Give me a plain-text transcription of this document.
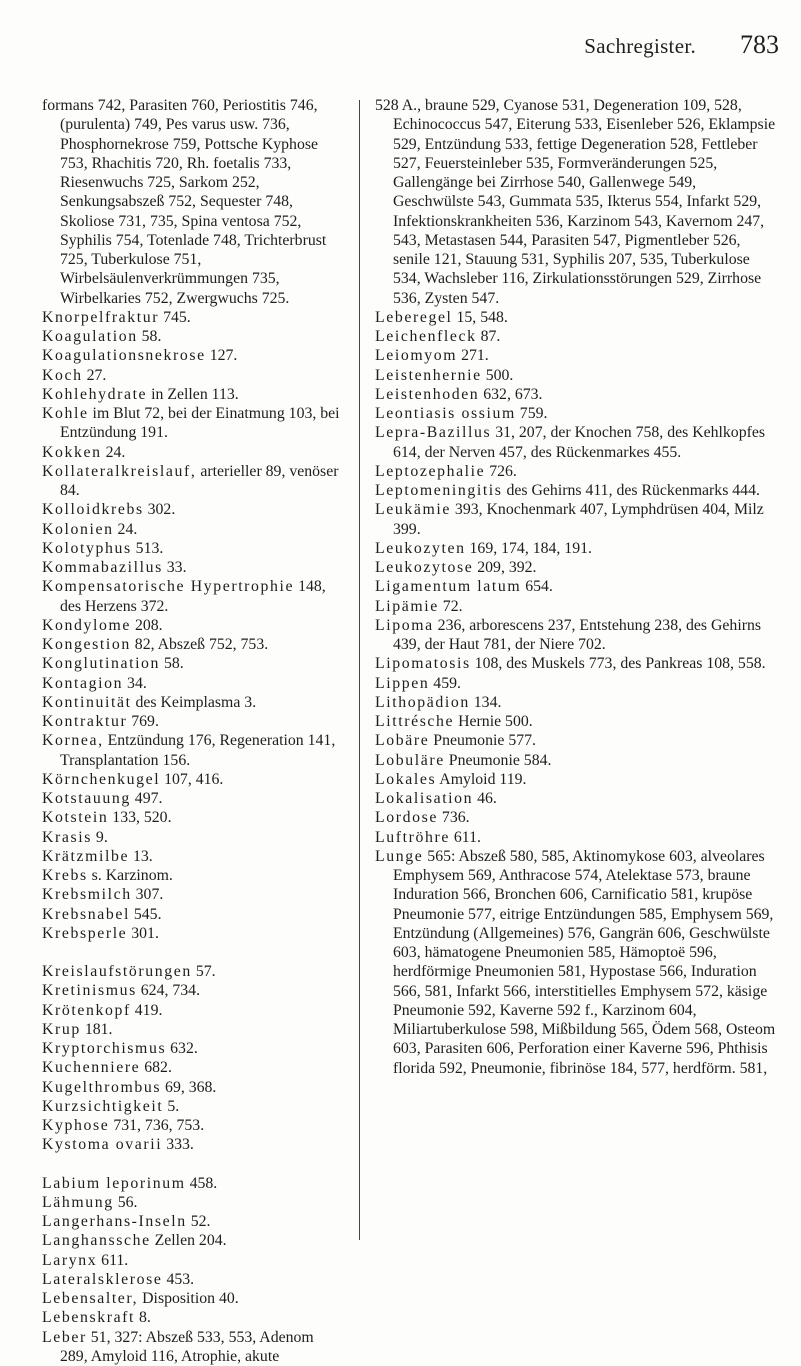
Sachregister. 783

formans 742, Parasiten 760, Periostitis 746, (purulenta) 749, Pes varus usw. 736, Phosphornekrose 759, Pottsche Kyphose 753, Rhachitis 720, Rh. foetalis 733, Riesenwuchs 725, Sarkom 252, Senkungsabszeß 752, Sequester 748, Skoliose 731, 735, Spina ventosa 752, Syphilis 754, Totenlade 748, Trichterbrust 725, Tuberkulose 751, Wirbelsäulenverkrümmungen 735, Wirbelkaries 752, Zwergwuchs 725.

Knorpelfraktur 745.

Koagulation 58.

Koagulationsnekrose 127.

Koch 27.

Kohlehydrate in Zellen 113.

Kohle im Blut 72, bei der Einatmung 103, bei Entzündung 191.

Kokken 24.

Kollateralkreislauf, arterieller 89, venöser 84.

Kolloidkrebs 302.

Kolonien 24.

Kolotyphus 513.

Kommabazillus 33.

Kompensatorische Hypertrophie 148, des Herzens 372.

Kondylome 208.

Kongestion 82, Abszeß 752, 753.

Konglutination 58.

Kontagion 34.

Kontinuität des Keimplasma 3.

Kontraktur 769.

Kornea, Entzündung 176, Regeneration 141, Transplantation 156.

Körnchenkugel 107, 416.

Kotstauung 497.

Kotstein 133, 520.

Krasis 9.

Krätzmilbe 13.

Krebs s. Karzinom.

Krebsmilch 307.

Krebsnabel 545.

Krebsperle 301.

Kreislaufstörungen 57.

Kretinismus 624, 734.

Krötenkopf 419.

Krup 181.

Kryptorchismus 632.

Kuchenniere 682.

Kugelthrombus 69, 368.

Kurzsichtigkeit 5.

Kyphose 731, 736, 753.

Kystoma ovarii 333.

Labium leporinum 458.

Lähmung 56.

Langerhans-Inseln 52.

Langhanssche Zellen 204.

Larynx 611.

Lateralsklerose 453.

Lebensalter, Disposition 40.

Lebenskraft 8.

Leber 51, 327: Abszeß 533, 553, Adenom 289, Amyloid 116, Atrophie, akute

528 A., braune 529, Cyanose 531, Degeneration 109, 528, Echinococcus 547, Eiterung 533, Eisenleber 526, Eklampsie 529, Entzündung 533, fettige Degeneration 528, Fettleber 527, Feuersteinleber 535, Formveränderungen 525, Gallengänge bei Zirrhose 540, Gallenwege 549, Geschwülste 543, Gummata 535, Ikterus 554, Infarkt 529, Infektionskrankheiten 536, Karzinom 543, Kavernom 247, 543, Metastasen 544, Parasiten 547, Pigmentleber 526, senile 121, Stauung 531, Syphilis 207, 535, Tuberkulose 534, Wachsleber 116, Zirkulationsstörungen 529, Zirrhose 536, Zysten 547.

Leberegel 15, 548.

Leichenfleck 87.

Leiomyom 271.

Leistenhernie 500.

Leistenhoden 632, 673.

Leontiasis ossium 759.

Lepra-Bazillus 31, 207, der Knochen 758, des Kehlkopfes 614, der Nerven 457, des Rückenmarkes 455.

Leptozephalie 726.

Leptomeningitis des Gehirns 411, des Rückenmarks 444.

Leukämie 393, Knochenmark 407, Lymphdrüsen 404, Milz 399.

Leukozyten 169, 174, 184, 191.

Leukozytose 209, 392.

Ligamentum latum 654.

Lipämie 72.

Lipoma 236, arborescens 237, Entstehung 238, des Gehirns 439, der Haut 781, der Niere 702.

Lipomatosis 108, des Muskels 773, des Pankreas 108, 558.

Lippen 459.

Lithopädion 134.

Littrésche Hernie 500.

Lobäre Pneumonie 577.

Lobuläre Pneumonie 584.

Lokales Amyloid 119.

Lokalisation 46.

Lordose 736.

Luftröhre 611.

Lunge 565: Abszeß 580, 585, Aktinomykose 603, alveolares Emphysem 569, Anthracose 574, Atelektase 573, braune Induration 566, Bronchen 606, Carnificatio 581, krupöse Pneumonie 577, eitrige Entzündungen 585, Emphysem 569, Entzündung (Allgemeines) 576, Gangrän 606, Geschwülste 603, hämatogene Pneumonien 585, Hämoptoë 596, herdförmige Pneumonien 581, Hypostase 566, Induration 566, 581, Infarkt 566, interstitielles Emphysem 572, käsige Pneumonie 592, Kaverne 592 f., Karzinom 604, Miliartuberkulose 598, Mißbildung 565, Ödem 568, Osteom 603, Parasiten 606, Perforation einer Kaverne 596, Phthisis florida 592, Pneumonie, fibrinöse 184, 577, herdförm. 581,
